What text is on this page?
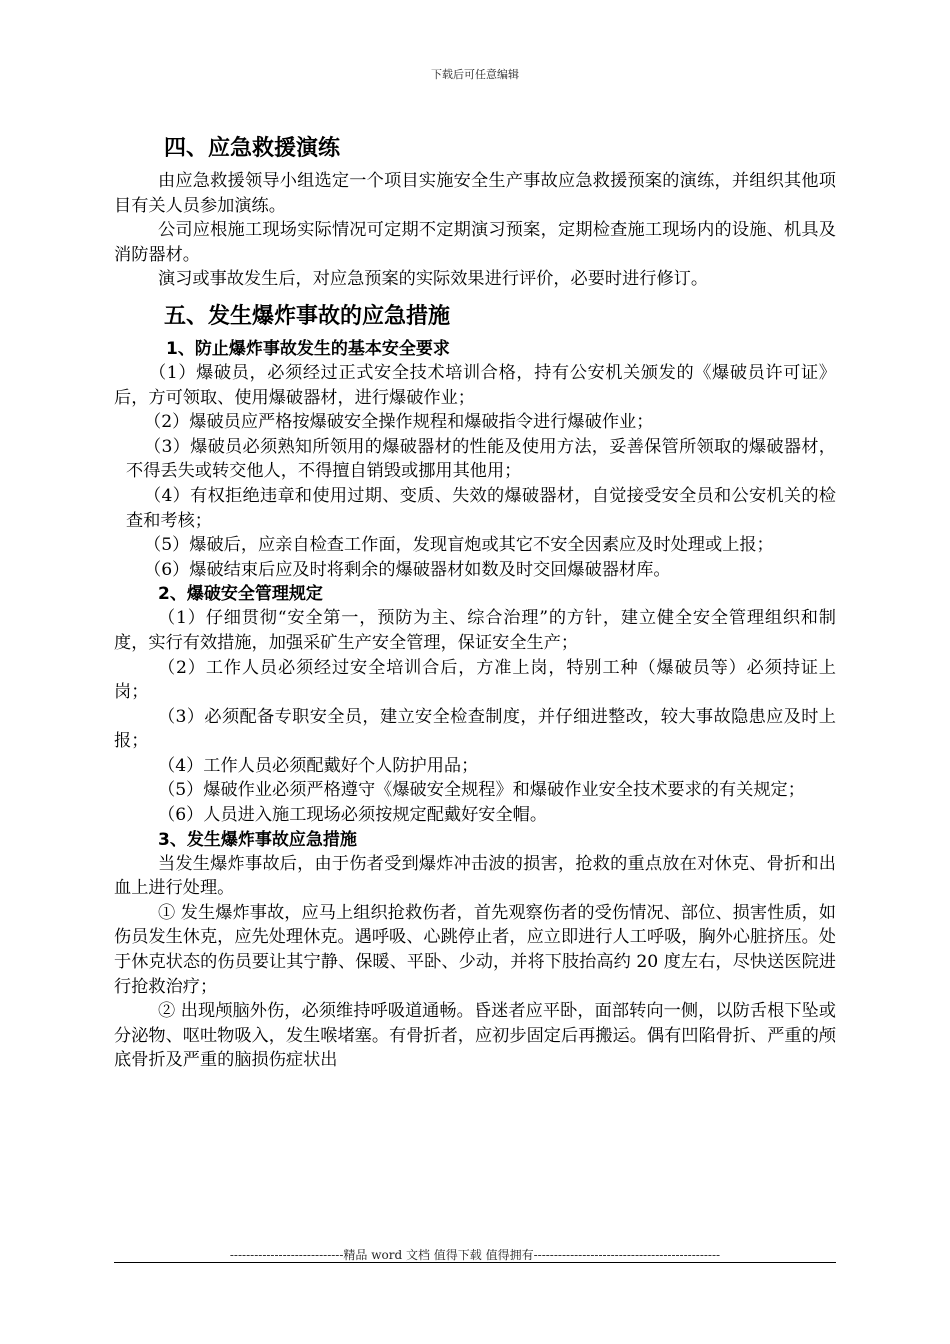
下载后可任意编辑
四、应急救援演练

由应急救援领导小组选定一个项目实施安全生产事故应急救援预案的演练，并组织其他项目有关人员参加演练。

公司应根施工现场实际情况可定期不定期演习预案，定期检查施工现场内的设施、机具及消防器材。

演习或事故发生后，对应急预案的实际效果进行评价，必要时进行修订。

五、发生爆炸事故的应急措施
1、防止爆炸事故发生的基本安全要求

（1）爆破员，必须经过正式安全技术培训合格，持有公安机关颁发的《爆破员许可证》后，方可领取、使用爆破器材，进行爆破作业；

（2）爆破员应严格按爆破安全操作规程和爆破指令进行爆破作业；

（3）爆破员必须熟知所领用的爆破器材的性能及使用方法，妥善保管所领取的爆破器材，不得丢失或转交他人，不得擅自销毁或挪用其他用；

（4）有权拒绝违章和使用过期、变质、失效的爆破器材，自觉接受安全员和公安机关的检查和考核；

（5）爆破后，应亲自检查工作面，发现盲炮或其它不安全因素应及时处理或上报；

（6）爆破结束后应及时将剩余的爆破器材如数及时交回爆破器材库。

2、爆破安全管理规定

（1）仔细贯彻“安全第一，预防为主、综合治理”的方针，建立健全安全管理组织和制度，实行有效措施，加强采矿生产安全管理，保证安全生产；

（2）工作人员必须经过安全培训合后，方准上岗，特别工种（爆破员等）必须持证上岗；

（3）必须配备专职安全员，建立安全检查制度，并仔细进整改，较大事故隐患应及时上报；

（4）工作人员必须配戴好个人防护用品；

（5）爆破作业必须严格遵守《爆破安全规程》和爆破作业安全技术要求的有关规定；

（6）人员进入施工现场必须按规定配戴好安全帽。

3、发生爆炸事故应急措施

当发生爆炸事故后，由于伤者受到爆炸冲击波的损害，抢救的重点放在对休克、骨折和出血上进行处理。

① 发生爆炸事故，应马上组织抢救伤者，首先观察伤者的受伤情况、部位、损害性质，如伤员发生休克，应先处理休克。遇呼吸、心跳停止者，应立即进行人工呼吸，胸外心脏挤压。处于休克状态的伤员要让其宁静、保暖、平卧、少动，并将下肢抬高约 20 度左右，尽快送医院进行抢救治疗；

② 出现颅脑外伤，必须维持呼吸道通畅。昏迷者应平卧，面部转向一侧，以防舌根下坠或分泌物、呕吐物吸入，发生喉堵塞。有骨折者，应初步固定后再搬运。偶有凹陷骨折、严重的颅底骨折及严重的脑损伤症状出

----------------------------精品 word 文档 值得下载 值得拥有----------------------------------------------
